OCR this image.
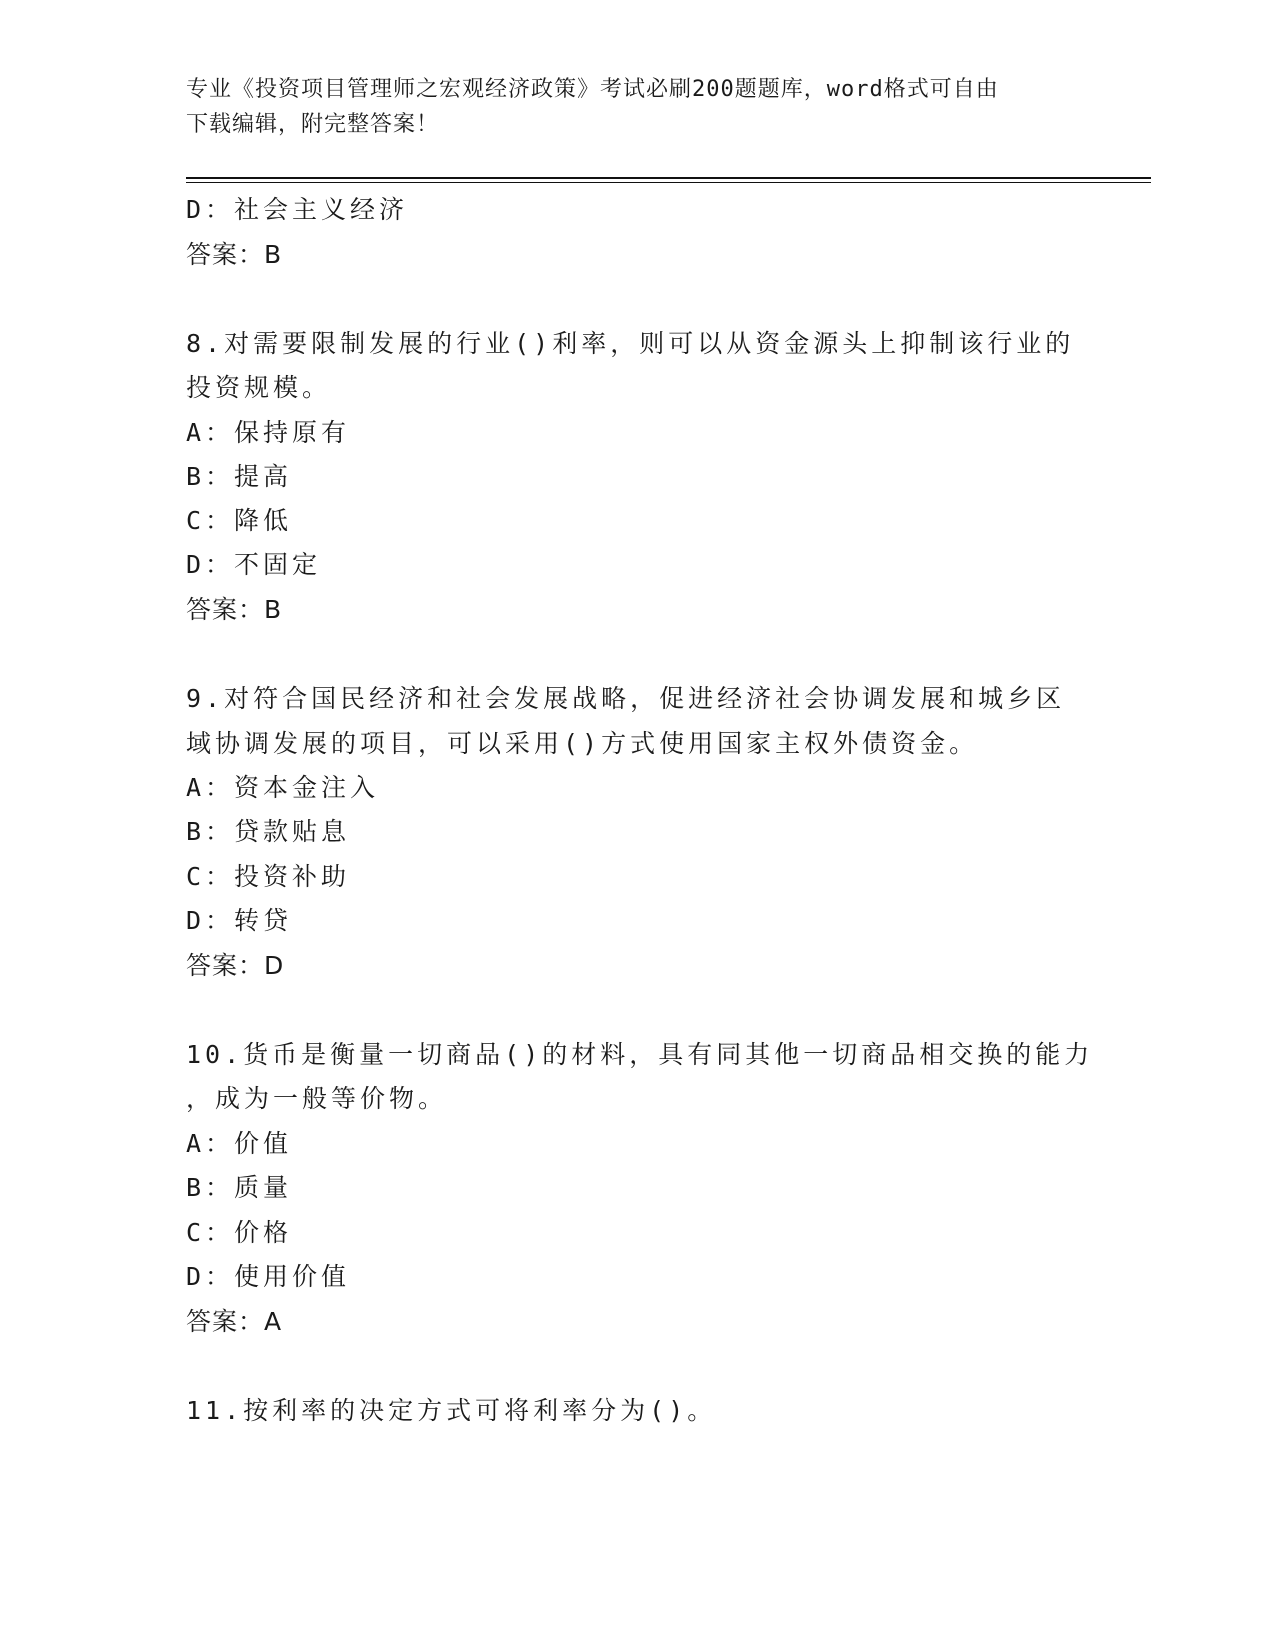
专业《投资项目管理师之宏观经济政策》考试必刷200题题库，word格式可自由
下载编辑，附完整答案！
D：社会主义经济
答案：B
8.对需要限制发展的行业()利率，则可以从资金源头上抑制该行业的
投资规模。
A：保持原有
B：提高
C：降低
D：不固定
答案：B
9.对符合国民经济和社会发展战略，促进经济社会协调发展和城乡区
域协调发展的项目，可以采用()方式使用国家主权外债资金。
A：资本金注入
B：贷款贴息
C：投资补助
D：转贷
答案：D
10.货币是衡量一切商品()的材料，具有同其他一切商品相交换的能力
，成为一般等价物。
A：价值
B：质量
C：价格
D：使用价值
答案：A
11.按利率的决定方式可将利率分为()。
